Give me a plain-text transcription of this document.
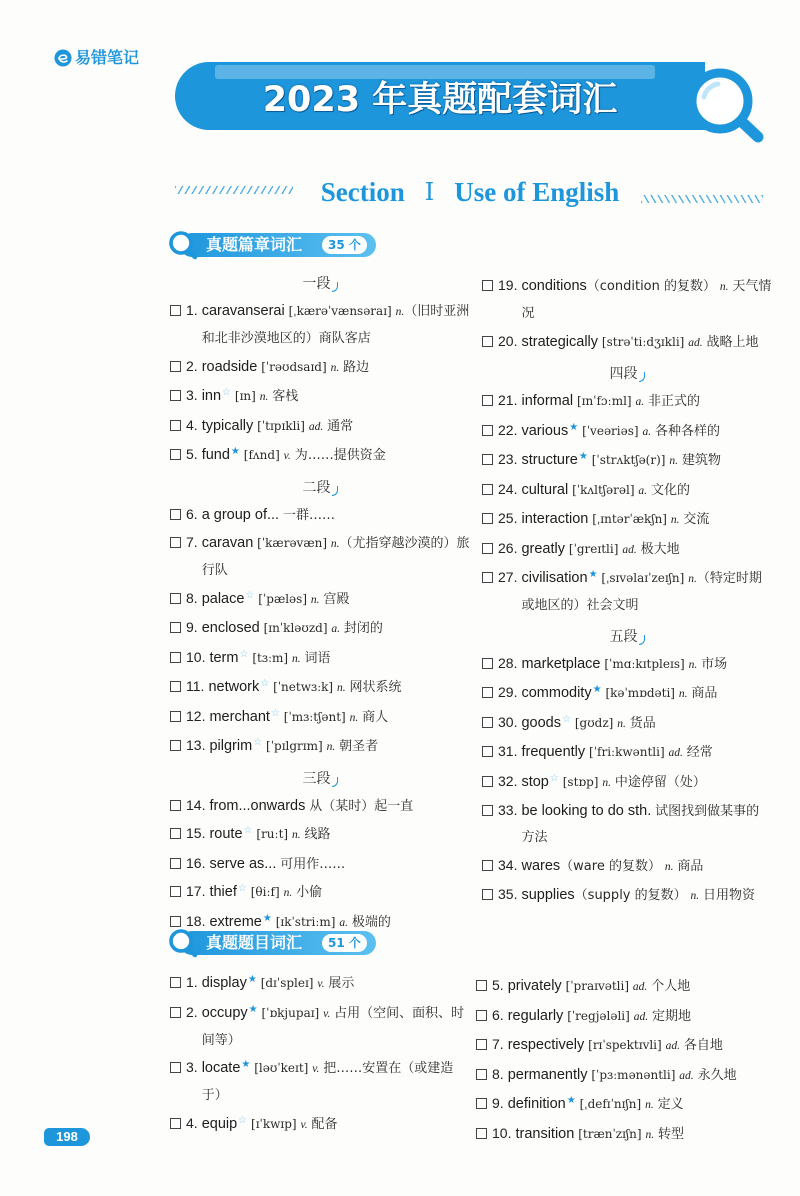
易错笔记
2023 年真题配套词汇
Section Ⅰ Use of English
真题篇章词汇	35 个
一段
1. caravanserai [ˌkærəˈvænsəraɪ] n.（旧时亚洲和北非沙漠地区的）商队客店
2. roadside [ˈrəʊdsaɪd] n. 路边
3. inn ☆ [ɪn] n. 客栈
4. typically [ˈtɪpɪkli] ad. 通常
5. fund ★ [fʌnd] v. 为……提供资金
二段
6. a group of... 一群……
7. caravan [ˈkærəvæn] n.（尤指穿越沙漠的）旅行队
8. palace ☆ [ˈpæləs] n. 宫殿
9. enclosed [ɪnˈkləʊzd] a. 封闭的
10. term ☆ [tɜːm] n. 词语
11. network ☆ [ˈnetwɜːk] n. 网状系统
12. merchant ☆ [ˈmɜːtʃənt] n. 商人
13. pilgrim ☆ [ˈpɪlgrɪm] n. 朝圣者
三段
14. from...onwards 从（某时）起一直
15. route ☆ [ruːt] n. 线路
16. serve as... 可用作……
17. thief ☆ [θiːf] n. 小偷
18. extreme ★ [ɪkˈstriːm] a. 极端的
19. conditions（condition 的复数） n. 天气情况
20. strategically [strəˈtiːdʒɪkli] ad. 战略上地
四段
21. informal [ɪnˈfɔːml] a. 非正式的
22. various ★ [ˈveəriəs] a. 各种各样的
23. structure ★ [ˈstrʌktʃə(r)] n. 建筑物
24. cultural [ˈkʌltʃərəl] a. 文化的
25. interaction [ˌɪntərˈækʃn] n. 交流
26. greatly [ˈgreɪtli] ad. 极大地
27. civilisation ★ [ˌsɪvəlaɪˈzeɪʃn] n.（特定时期或地区的）社会文明
五段
28. marketplace [ˈmɑːkɪtpleɪs] n. 市场
29. commodity ★ [kəˈmɒdəti] n. 商品
30. goods ☆ [gʊdz] n. 货品
31. frequently [ˈfriːkwəntli] ad. 经常
32. stop ☆ [stɒp] n. 中途停留（处）
33. be looking to do sth. 试图找到做某事的方法
34. wares（ware 的复数） n. 商品
35. supplies（supply 的复数） n. 日用物资
真题题目词汇	51 个
1. display ★ [dɪˈspleɪ] v. 展示
2. occupy ★ [ˈɒkjupaɪ] v. 占用（空间、面积、时间等）
3. locate ★ [ləʊˈkeɪt] v. 把……安置在（或建造于）
4. equip ☆ [ɪˈkwɪp] v. 配备
5. privately [ˈpraɪvətli] ad. 个人地
6. regularly [ˈregjələli] ad. 定期地
7. respectively [rɪˈspektɪvli] ad. 各自地
8. permanently [ˈpɜːmənəntli] ad. 永久地
9. definition ★ [ˌdefɪˈnɪʃn] n. 定义
10. transition [trænˈzɪʃn] n. 转型
198
